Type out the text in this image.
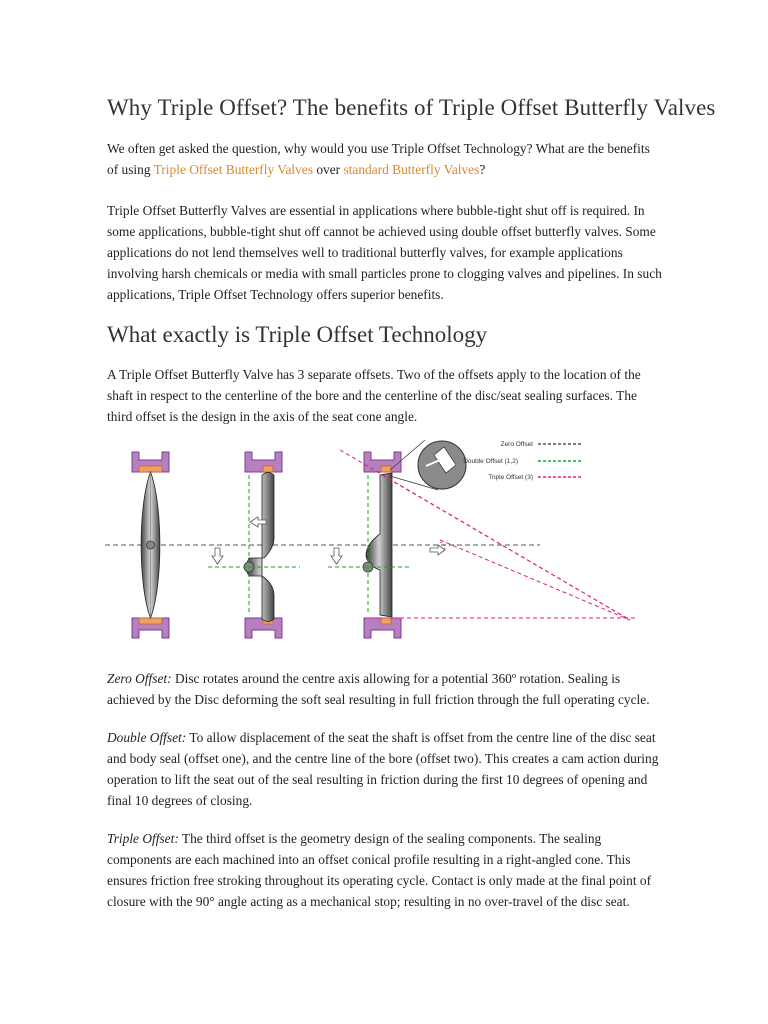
Why Triple Offset? The benefits of Triple Offset Butterfly Valves

We often get asked the question, why would you use Triple Offset Technology? What are the benefits of using Triple Offset Butterfly Valves over standard Butterfly Valves?

Triple Offset Butterfly Valves are essential in applications where bubble-tight shut off is required. In some applications, bubble-tight shut off cannot be achieved using double offset butterfly valves. Some applications do not lend themselves well to traditional butterfly valves, for example applications involving harsh chemicals or media with small particles prone to clogging valves and pipelines. In such applications, Triple Offset Technology offers superior benefits.

What exactly is Triple Offset Technology

A Triple Offset Butterfly Valve has 3 separate offsets. Two of the offsets apply to the location of the shaft in respect to the centerline of the bore and the centerline of the disc/seat sealing surfaces. The third offset is the design in the axis of the seat cone angle.

Zero Offset
Double Offset (1,2)
Triple Offset (3)

Zero Offset: Disc rotates around the centre axis allowing for a potential 360º rotation. Sealing is achieved by the Disc deforming the soft seal resulting in full friction through the full operating cycle.

Double Offset: To allow displacement of the seat the shaft is offset from the centre line of the disc seat and body seal (offset one), and the centre line of the bore (offset two). This creates a cam action during operation to lift the seat out of the seal resulting in friction during the first 10 degrees of opening and final 10 degrees of closing.

Triple Offset: The third offset is the geometry design of the sealing components. The sealing components are each machined into an offset conical profile resulting in a right-angled cone. This ensures friction free stroking throughout its operating cycle. Contact is only made at the final point of closure with the 90° angle acting as a mechanical stop; resulting in no over-travel of the disc seat.
